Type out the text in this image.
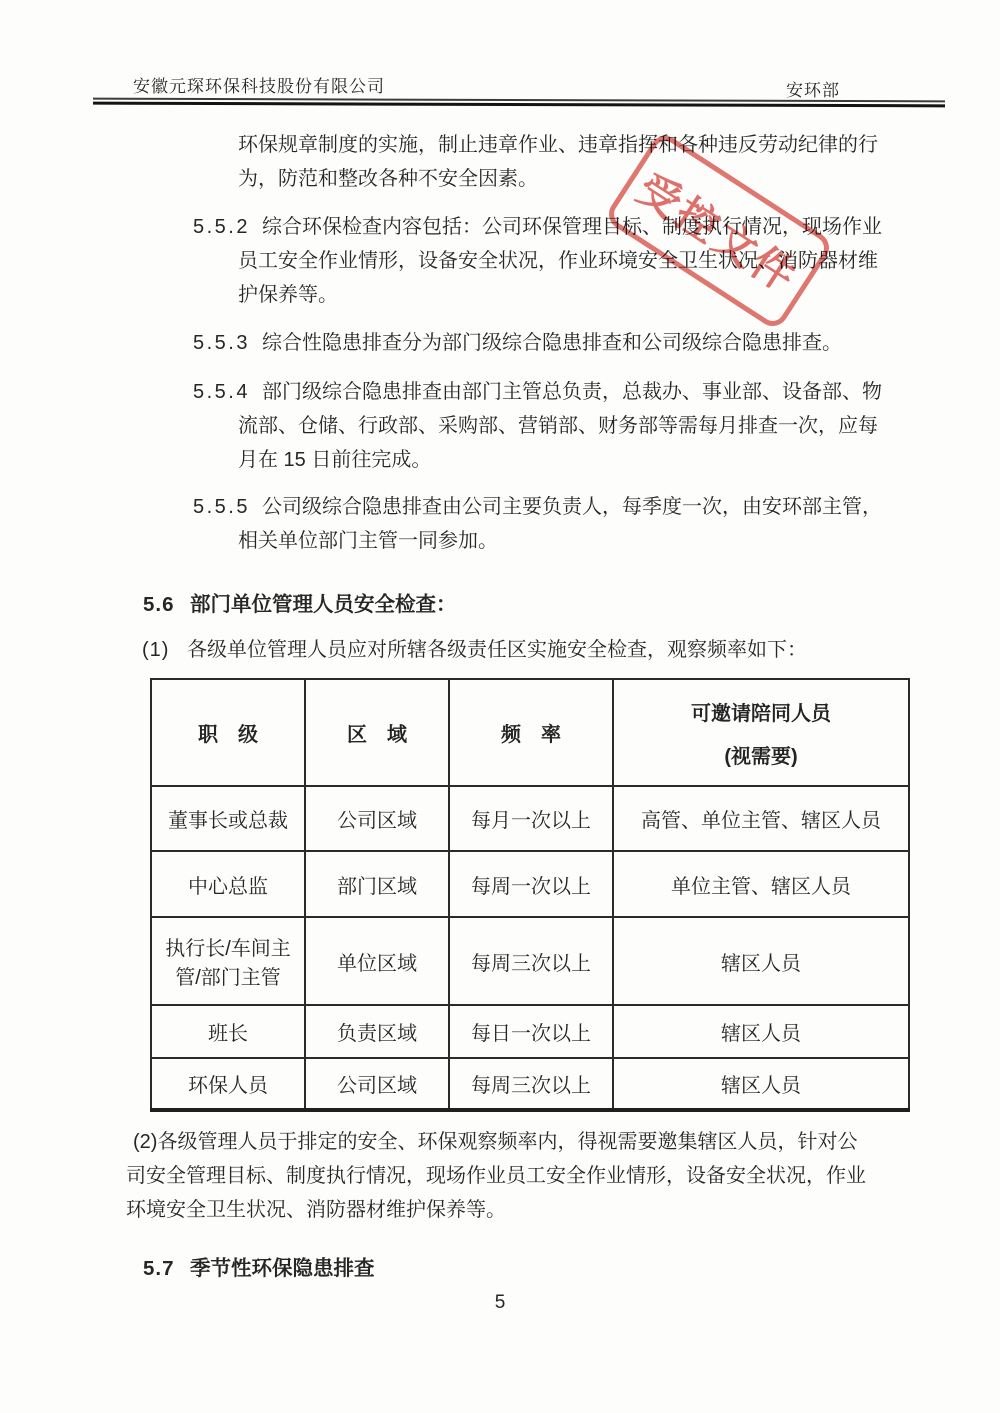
安徽元琛环保科技股份有限公司	安环部
受控文件
环保规章制度的实施，制止违章作业、违章指挥和各种违反劳动纪律的行
为，防范和整改各种不安全因素。
5.5.2 综合环保检查内容包括：公司环保管理目标、制度执行情况，现场作业
员工安全作业情形，设备安全状况，作业环境安全卫生状况、消防器材维
护保养等。
5.5.3 综合性隐患排查分为部门级综合隐患排查和公司级综合隐患排查。
5.5.4 部门级综合隐患排查由部门主管总负责，总裁办、事业部、设备部、物
流部、仓储、行政部、采购部、营销部、财务部等需每月排查一次，应每
月在 15 日前往完成。
5.5.5 公司级综合隐患排查由公司主要负责人，每季度一次，由安环部主管，
相关单位部门主管一同参加。
5.6 部门单位管理人员安全检查：
(1) 各级单位管理人员应对所辖各级责任区实施安全检查，观察频率如下：
职　级	区　域	频　率	可邀请陪同人员
(视需要)

董事长或总裁	公司区域	每月一次以上	高管、单位主管、辖区人员
中心总监	部门区域	每周一次以上	单位主管、辖区人员
执行长/车间主管/部门主管	单位区域	每周三次以上	辖区人员
班长	负责区域	每日一次以上	辖区人员
环保人员	公司区域	每周三次以上	辖区人员
(2)各级管理人员于排定的安全、环保观察频率内，得视需要邀集辖区人员，针对公
司安全管理目标、制度执行情况，现场作业员工安全作业情形，设备安全状况，作业
环境安全卫生状况、消防器材维护保养等。
5.7 季节性环保隐患排查
5
